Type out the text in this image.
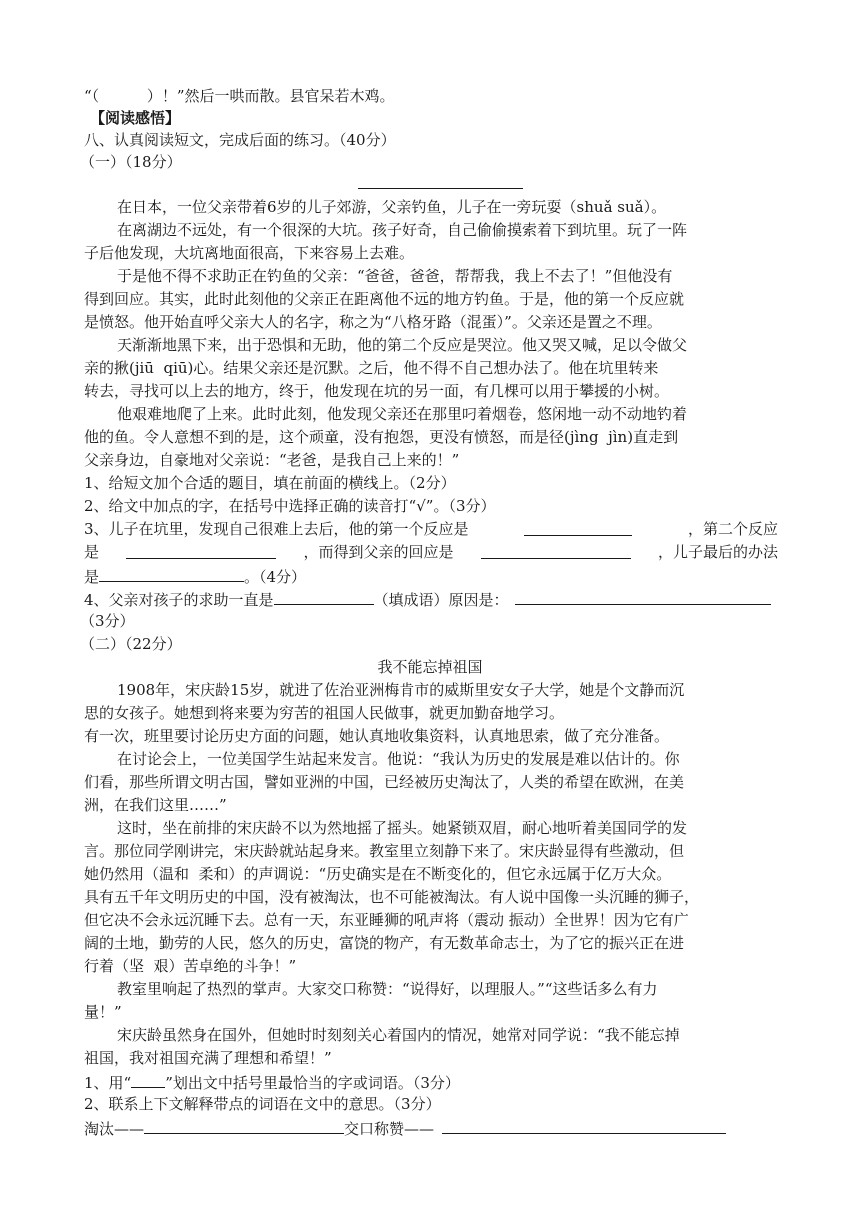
“（          ）！”然后一哄而散。县官呆若木鸡。
【阅读感悟】
八、认真阅读短文，完成后面的练习。（40分）
（一）（18分）
在日本，一位父亲带着6岁的儿子郊游，父亲钓鱼，儿子在一旁玩耍（shuǎ suǎ）。
在离湖边不远处，有一个很深的大坑。孩子好奇，自己偷偷摸索着下到坑里。玩了一阵
子后他发现，大坑离地面很高，下来容易上去难。
于是他不得不求助正在钓鱼的父亲：“爸爸，爸爸，帮帮我，我上不去了！”但他没有
得到回应。其实，此时此刻他的父亲正在距离他不远的地方钓鱼。于是，他的第一个反应就
是愤怒。他开始直呼父亲大人的名字，称之为“八格牙路（混蛋）”。父亲还是置之不理。
天渐渐地黑下来，出于恐惧和无助，他的第二个反应是哭泣。他又哭又喊，足以令做父
亲的揪(jiū  qiū)心。结果父亲还是沉默。之后，他不得不自己想办法了。他在坑里转来
转去，寻找可以上去的地方，终于，他发现在坑的另一面，有几棵可以用于攀援的小树。
他艰难地爬了上来。此时此刻，他发现父亲还在那里叼着烟卷，悠闲地一动不动地钓着
他的鱼。令人意想不到的是，这个顽童，没有抱怨，更没有愤怒，而是径(jìng  jìn)直走到
父亲身边，自豪地对父亲说：“老爸，是我自己上来的！”
1、给短文加个合适的题目，填在前面的横线上。（2分）
2、给文中加点的字，在括号中选择正确的读音打“√”。（3分）
3、儿子在坑里，发现自己很难上去后，他的第一个反应是	，第二个反应
是	，而得到父亲的回应是	，儿子最后的办法
是	。（4分）
4、父亲对孩子的求助一直是	（填成语）原因是：
（3分）
（二）（22分）
我不能忘掉祖国
1908年，宋庆龄15岁，就进了佐治亚洲梅肯市的威斯里安女子大学，她是个文静而沉
思的女孩子。她想到将来要为穷苦的祖国人民做事，就更加勤奋地学习。
有一次，班里要讨论历史方面的问题，她认真地收集资料，认真地思索，做了充分准备。
在讨论会上，一位美国学生站起来发言。他说：“我认为历史的发展是难以估计的。你
们看，那些所谓文明古国，譬如亚洲的中国，已经被历史淘汰了，人类的希望在欧洲，在美
洲，在我们这里……”
这时，坐在前排的宋庆龄不以为然地摇了摇头。她紧锁双眉，耐心地听着美国同学的发
言。那位同学刚讲完，宋庆龄就站起身来。教室里立刻静下来了。宋庆龄显得有些激动，但
她仍然用（温和  柔和）的声调说：“历史确实是在不断变化的，但它永远属于亿万大众。
具有五千年文明历史的中国，没有被淘汰，也不可能被淘汰。有人说中国像一头沉睡的狮子，
但它决不会永远沉睡下去。总有一天，东亚睡狮的吼声将（震动 振动）全世界！因为它有广
阔的土地，勤劳的人民，悠久的历史，富饶的物产，有无数革命志士，为了它的振兴正在进
行着（坚  艰）苦卓绝的斗争！”
教室里响起了热烈的掌声。大家交口称赞：“说得好，以理服人。”“这些话多么有力
量！”
宋庆龄虽然身在国外，但她时时刻刻关心着国内的情况，她常对同学说：“我不能忘掉
祖国，我对祖国充满了理想和希望！”
1、用“ ”划出文中括号里最恰当的字或词语。（3分）
2、联系上下文解释带点的词语在文中的意思。（3分）
淘汰——	交口称赞——
